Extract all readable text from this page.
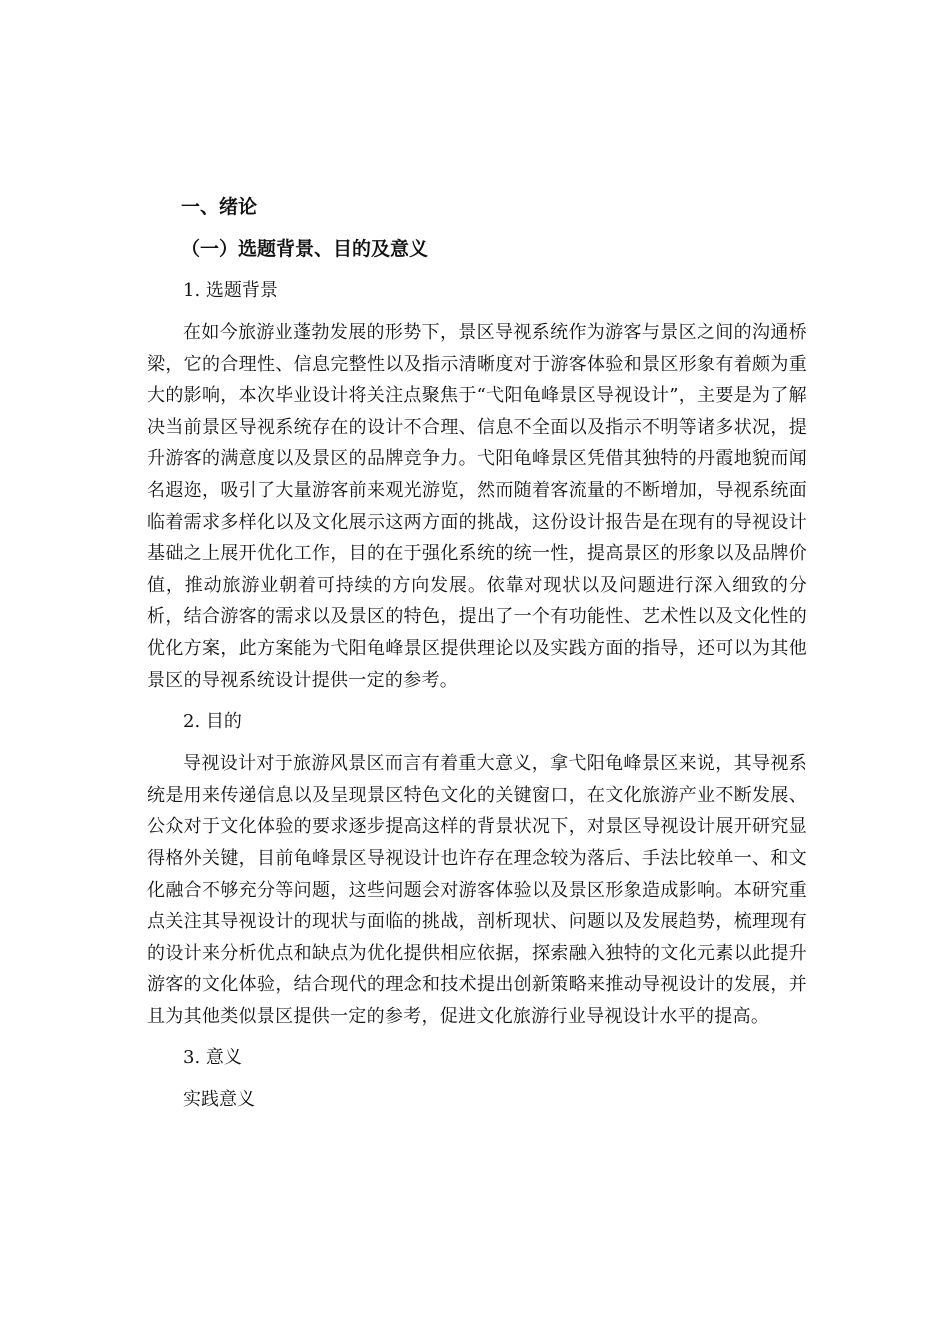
一、绪论
（一）选题背景、目的及意义
1. 选题背景

在如今旅游业蓬勃发展的形势下，景区导视系统作为游客与景区之间的沟通桥梁，它的合理性、信息完整性以及指示清晰度对于游客体验和景区形象有着颇为重大的影响，本次毕业设计将关注点聚焦于“弋阳龟峰景区导视设计”，主要是为了解决当前景区导视系统存在的设计不合理、信息不全面以及指示不明等诸多状况，提升游客的满意度以及景区的品牌竞争力。弋阳龟峰景区凭借其独特的丹霞地貌而闻名遐迩，吸引了大量游客前来观光游览，然而随着客流量的不断增加，导视系统面临着需求多样化以及文化展示这两方面的挑战，这份设计报告是在现有的导视设计基础之上展开优化工作，目的在于强化系统的统一性，提高景区的形象以及品牌价值，推动旅游业朝着可持续的方向发展。依靠对现状以及问题进行深入细致的分析，结合游客的需求以及景区的特色，提出了一个有功能性、艺术性以及文化性的优化方案，此方案能为弋阳龟峰景区提供理论以及实践方面的指导，还可以为其他景区的导视系统设计提供一定的参考。

2. 目的

导视设计对于旅游风景区而言有着重大意义，拿弋阳龟峰景区来说，其导视系统是用来传递信息以及呈现景区特色文化的关键窗口，在文化旅游产业不断发展、公众对于文化体验的要求逐步提高这样的背景状况下，对景区导视设计展开研究显得格外关键，目前龟峰景区导视设计也许存在理念较为落后、手法比较单一、和文化融合不够充分等问题，这些问题会对游客体验以及景区形象造成影响。本研究重点关注其导视设计的现状与面临的挑战，剖析现状、问题以及发展趋势，梳理现有的设计来分析优点和缺点为优化提供相应依据，探索融入独特的文化元素以此提升游客的文化体验，结合现代的理念和技术提出创新策略来推动导视设计的发展，并且为其他类似景区提供一定的参考，促进文化旅游行业导视设计水平的提高。

3. 意义
实践意义
